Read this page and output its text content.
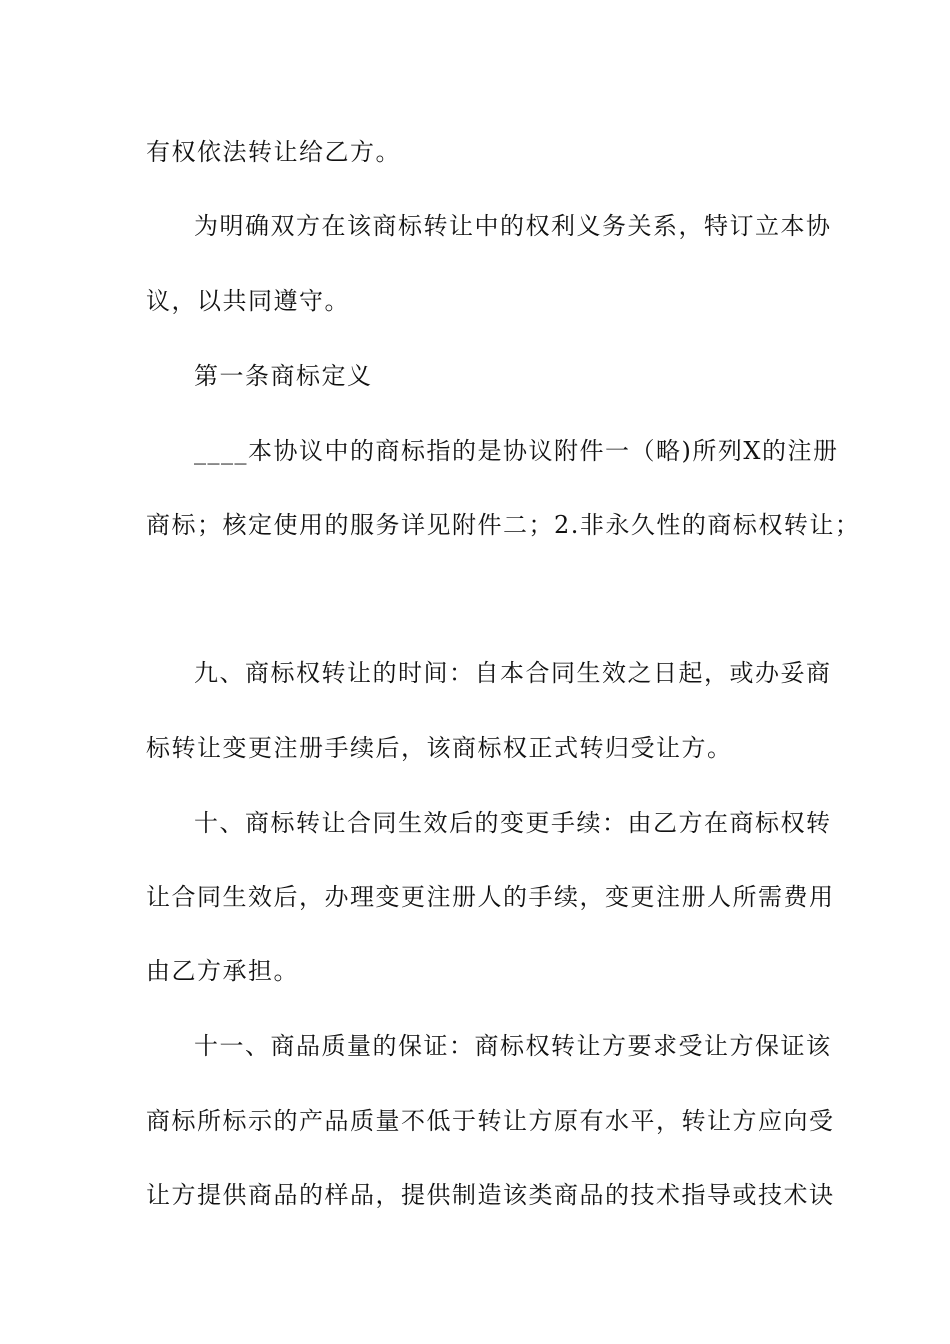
有权依法转让给乙方。
为明确双方在该商标转让中的权利义务关系，特订立本协
议，以共同遵守。
第一条商标定义
____本协议中的商标指的是协议附件一（略)所列X的注册
商标；核定使用的服务详见附件二；2.非永久性的商标权转让；
九、商标权转让的时间：自本合同生效之日起，或办妥商
标转让变更注册手续后，该商标权正式转归受让方。
十、商标转让合同生效后的变更手续：由乙方在商标权转
让合同生效后，办理变更注册人的手续，变更注册人所需费用
由乙方承担。
十一、商品质量的保证：商标权转让方要求受让方保证该
商标所标示的产品质量不低于转让方原有水平，转让方应向受
让方提供商品的样品，提供制造该类商品的技术指导或技术诀
